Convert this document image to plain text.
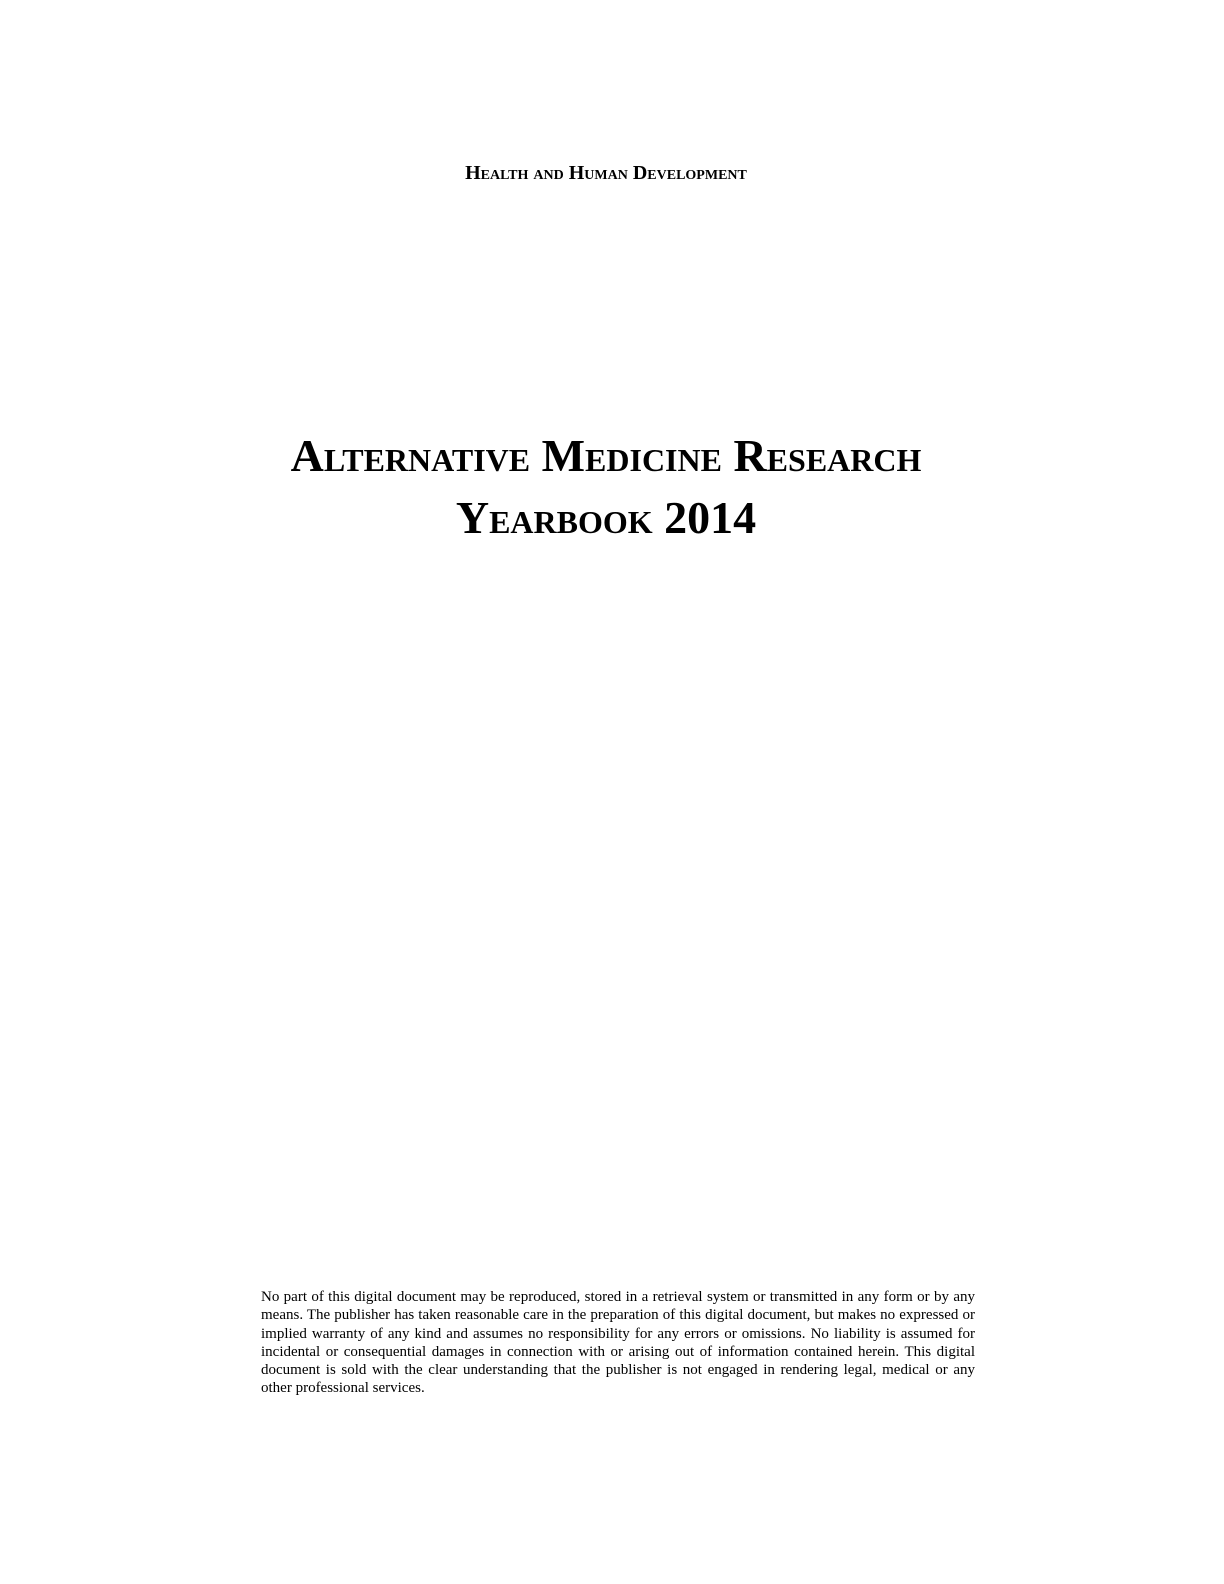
Health and Human Development
Alternative Medicine Research
Yearbook 2014

No part of this digital document may be reproduced, stored in a retrieval system or transmitted in any form or by any means. The publisher has taken reasonable care in the preparation of this digital document, but makes no expressed or implied warranty of any kind and assumes no responsibility for any errors or omissions. No liability is assumed for incidental or consequential damages in connection with or arising out of information contained herein. This digital document is sold with the clear understanding that the publisher is not engaged in rendering legal, medical or any other professional services.
